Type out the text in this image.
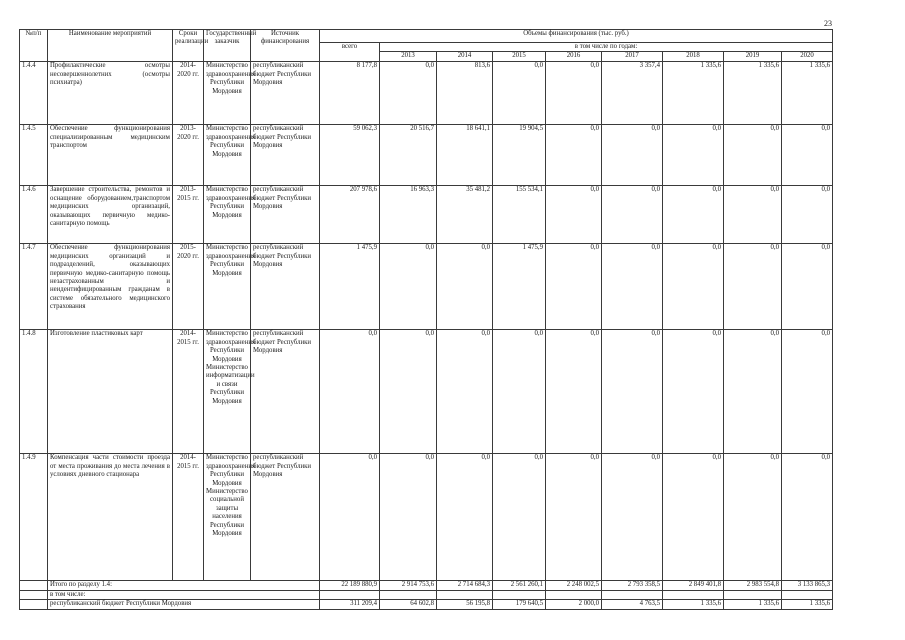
23
№п/п	Наименование мероприятий	Сроки реализации	Государственный заказчик	Источник финансирования	Объемы финансирования (тыс. руб.)								
					всего	в том числе по годам:							
						2013	2014	2015	2016	2017	2018	2019	2020
1.4.4	Профилактические осмотры несовершеннолетних (осмотры психиатра)	2014-2020 гг.	Министерство здравоохранения Республики Мордовия	республиканский бюджет Республики Мордовия	8 177,8	0,0	813,6	0,0	0,0	3 357,4	1 335,6	1 335,6	1 335,6
1.4.5	Обеспечение функционирования специализированным медицинским транспортом	2013-2020 гг.	Министерство здравоохранения Республики Мордовия	республиканский бюджет Республики Мордовия	59 062,3	20 516,7	18 641,1	19 904,5	0,0	0,0	0,0	0,0	0,0
1.4.6	Завершение строительства, ремонтов и оснащение оборудованием,транспортом медицинских организаций, оказывающих первичную медико-санитарную помощь	2013-2015 гг.	Министерство здравоохранения Республики Мордовия	республиканский бюджет Республики Мордовия	207 978,6	16 963,3	35 481,2	155 534,1	0,0	0,0	0,0	0,0	0,0
1.4.7	Обеспечение функционирования медицинских организаций и подразделений, оказывающих первичную медико-санитарную помощь незастрахованным и неидентифицированным гражданам в системе обязательного медицинского страхования	2015-2020 гг.	Министерство здравоохранения Республики Мордовия	республиканский бюджет Республики Мордовия	1 475,9	0,0	0,0	1 475,9	0,0	0,0	0,0	0,0	0,0
1.4.8	Изготовление пластиковых карт	2014-2015 гг.	Министерство здравоохранения Республики Мордовия Министерство информатизации и связи Республики Мордовия	республиканский бюджет Республики Мордовия	0,0	0,0	0,0	0,0	0,0	0,0	0,0	0,0	0,0
1.4.9	Компенсация части стоимости проезда от места проживания до места лечения в условиях дневного стационара	2014-2015 гг.	Министерство здравоохранения Республики Мордовия Министерство социальной защиты населения Республики Мордовия	республиканский бюджет Республики Мордовия	0,0	0,0	0,0	0,0	0,0	0,0	0,0	0,0	0,0
	Итого по разделу 1.4:				22 189 880,9	2 914 753,6	2 714 684,3	2 561 260,1	2 248 002,5	2 793 358,5	2 849 401,8	2 983 554,8	3 133 865,3
	в том числе:												
	республиканский бюджет Республики Мордовия				311 209,4	64 602,8	56 195,8	179 640,5	2 000,0	4 763,5	1 335,6	1 335,6	1 335,6
